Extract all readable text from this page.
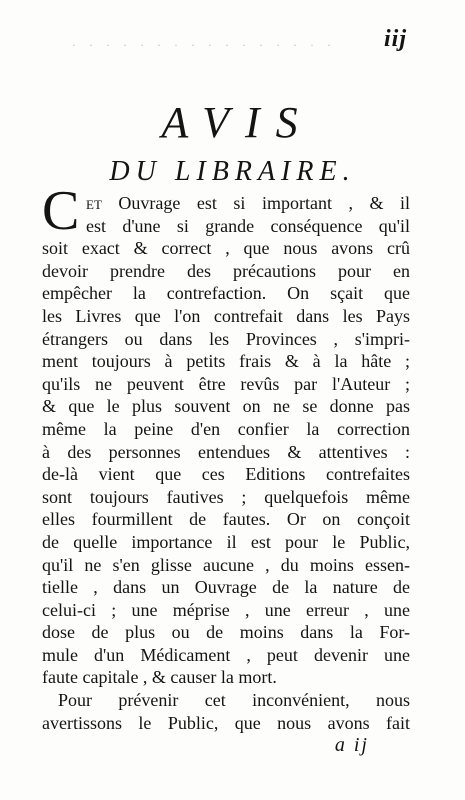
· · · · · · · · · · · · · · · · iij
AVIS
DU LIBRAIRE.
C et Ouvrage est si important , & il
est d'une si grande conséquence qu'il
soit exact & correct , que nous avons crû
devoir prendre des précautions pour en
empêcher la contrefaction. On sçait que
les Livres que l'on contrefait dans les Pays
étrangers ou dans les Provinces , s'impri-
ment toujours à petits frais & à la hâte ;
qu'ils ne peuvent être revûs par l'Auteur ;
& que le plus souvent on ne se donne pas
même la peine d'en confier la correction
à des personnes entendues & attentives :
de-là vient que ces Editions contrefaites
sont toujours fautives ; quelquefois même
elles fourmillent de fautes. Or on conçoit
de quelle importance il est pour le Public,
qu'il ne s'en glisse aucune , du moins essen-
tielle , dans un Ouvrage de la nature de
celui-ci ; une méprise , une erreur , une
dose de plus ou de moins dans la For-
mule d'un Médicament , peut devenir une
faute capitale , & causer la mort.
Pour prévenir cet inconvénient, nous
avertissons le Public, que nous avons fait
a ij
